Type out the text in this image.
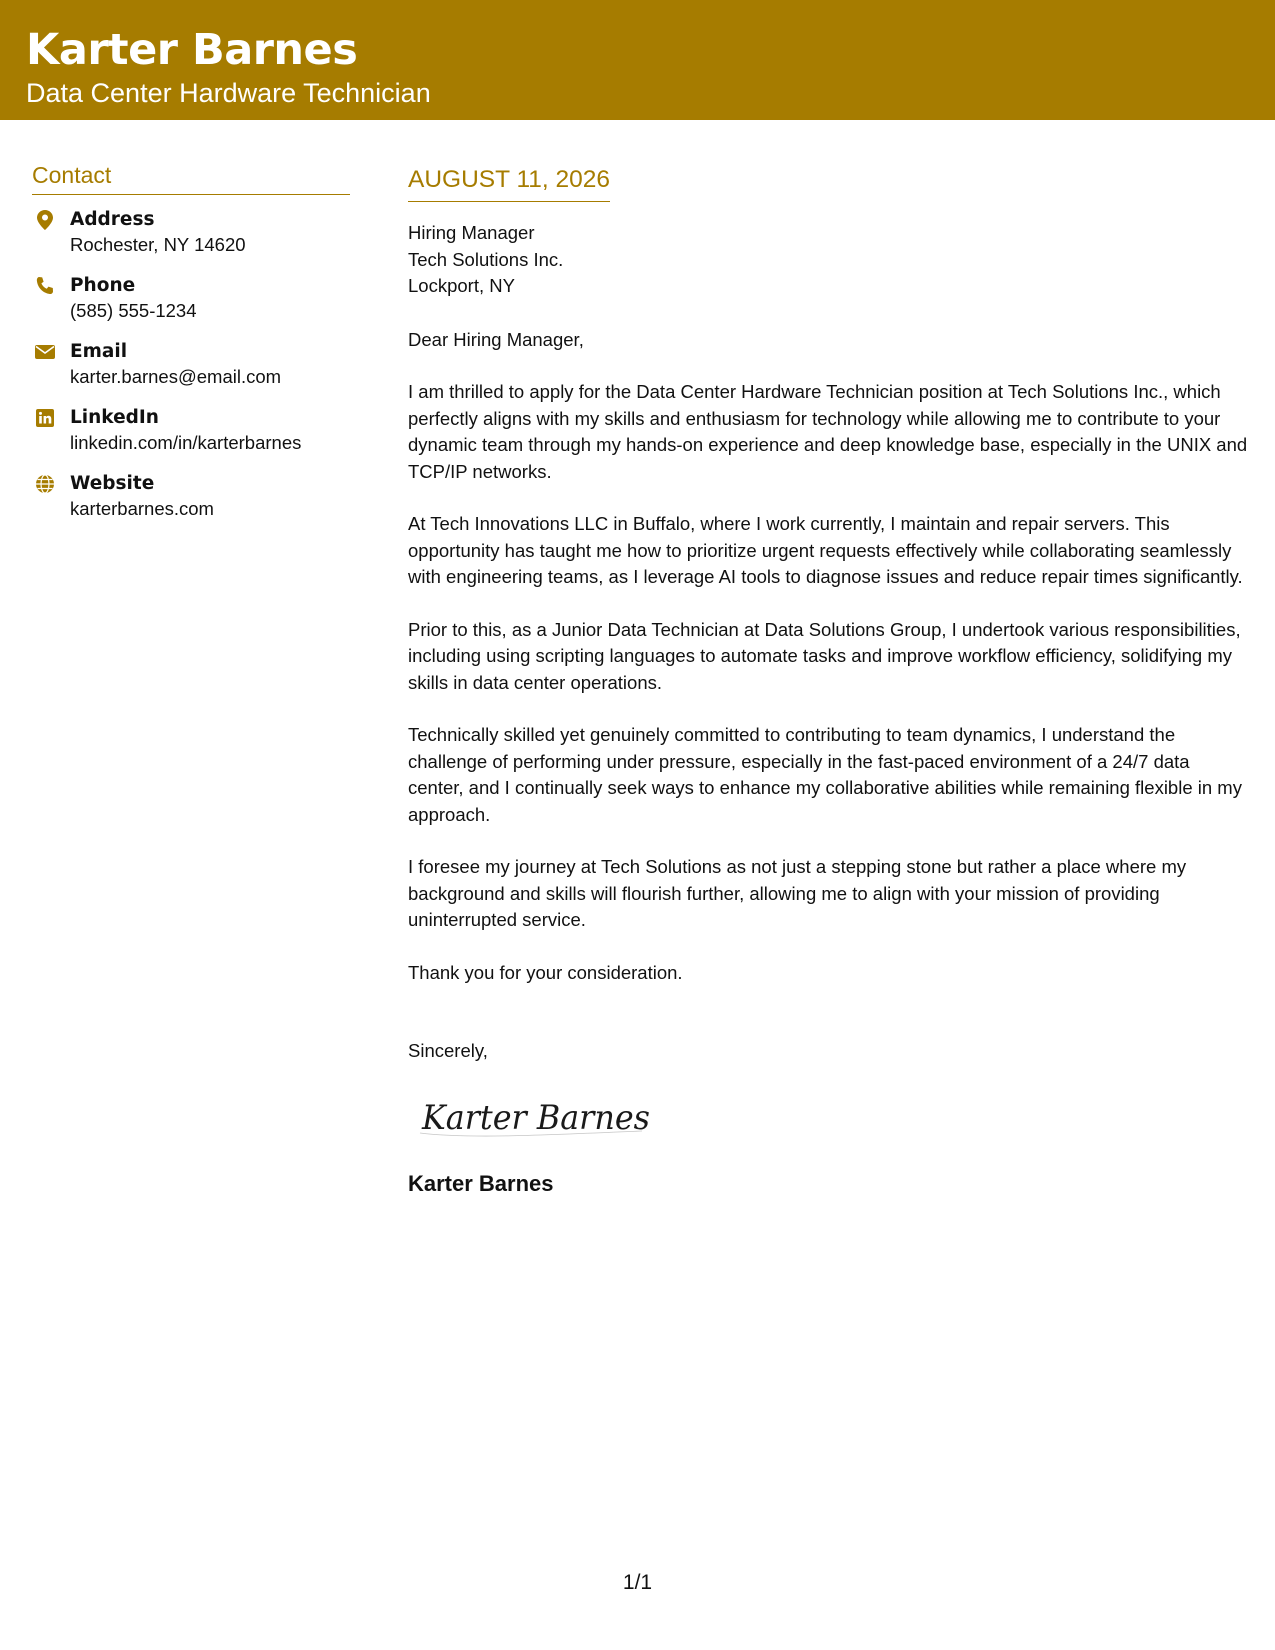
Karter Barnes
Data Center Hardware Technician
Contact
Address
Rochester, NY 14620
Phone
(585) 555-1234
Email
karter.barnes@email.com
LinkedIn
linkedin.com/in/karterbarnes
Website
karterbarnes.com
AUGUST 11, 2026
Hiring Manager
Tech Solutions Inc.
Lockport, NY
Dear Hiring Manager,
I am thrilled to apply for the Data Center Hardware Technician position at Tech Solutions Inc., which perfectly aligns with my skills and enthusiasm for technology while allowing me to contribute to your dynamic team through my hands-on experience and deep knowledge base, especially in the UNIX and TCP/IP networks.
At Tech Innovations LLC in Buffalo, where I work currently, I maintain and repair servers. This opportunity has taught me how to prioritize urgent requests effectively while collaborating seamlessly with engineering teams, as I leverage AI tools to diagnose issues and reduce repair times significantly.
Prior to this, as a Junior Data Technician at Data Solutions Group, I undertook various responsibilities, including using scripting languages to automate tasks and improve workflow efficiency, solidifying my skills in data center operations.
Technically skilled yet genuinely committed to contributing to team dynamics, I understand the challenge of performing under pressure, especially in the fast-paced environment of a 24/7 data center, and I continually seek ways to enhance my collaborative abilities while remaining flexible in my approach.
I foresee my journey at Tech Solutions as not just a stepping stone but rather a place where my background and skills will flourish further, allowing me to align with your mission of providing uninterrupted service.
Thank you for your consideration.
Sincerely,
Karter Barnes
Karter Barnes
1/1
